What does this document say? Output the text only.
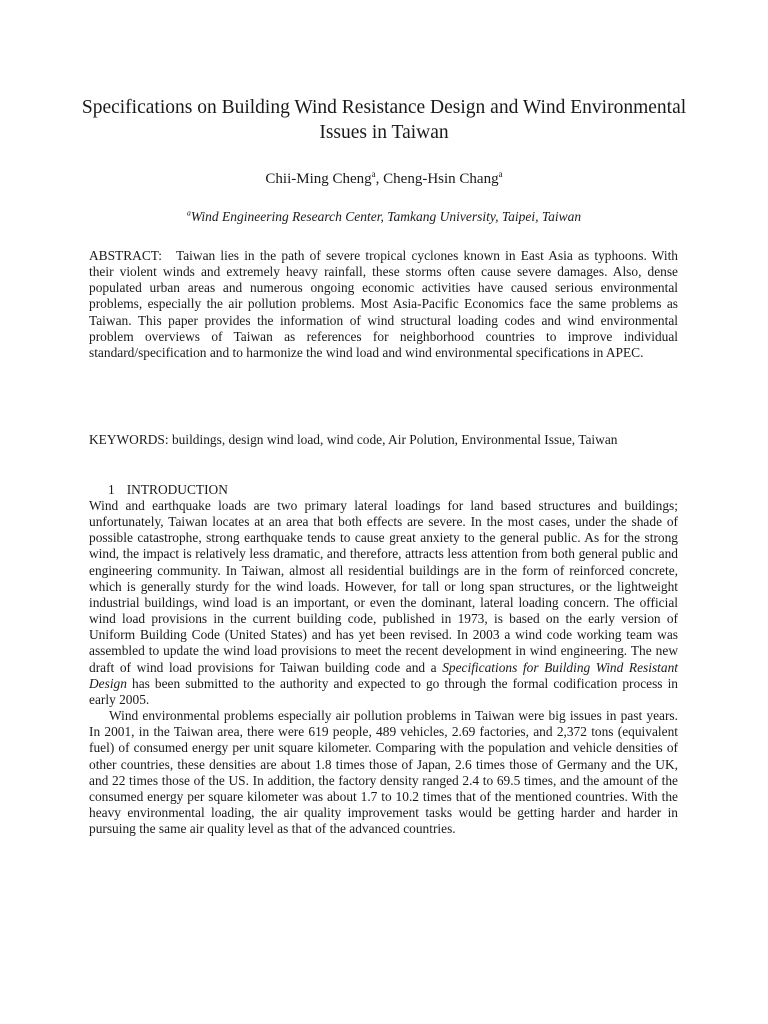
Specifications on Building Wind Resistance Design and Wind Environmental Issues in Taiwan
Chii-Ming Cheng$^a$, Cheng-Hsin Chang$^a$
$^a$Wind Engineering Research Center, Tamkang University, Taipei, Taiwan
ABSTRACT: Taiwan lies in the path of severe tropical cyclones known in East Asia as typhoons. With their violent winds and extremely heavy rainfall, these storms often cause severe damages. Also, dense populated urban areas and numerous ongoing economic activities have caused serious environmental problems, especially the air pollution problems. Most Asia-Pacific Economics face the same problems as Taiwan. This paper provides the information of wind structural loading codes and wind environmental problem overviews of Taiwan as references for neighborhood countries to improve individual standard/specification and to harmonize the wind load and wind environmental specifications in APEC.
KEYWORDS: buildings, design wind load, wind code, Air Polution, Environmental Issue, Taiwan
1 INTRODUCTION

Wind and earthquake loads are two primary lateral loadings for land based structures and buildings; unfortunately, Taiwan locates at an area that both effects are severe. In the most cases, under the shade of possible catastrophe, strong earthquake tends to cause great anxiety to the general public. As for the strong wind, the impact is relatively less dramatic, and therefore, attracts less attention from both general public and engineering community. In Taiwan, almost all residential buildings are in the form of reinforced concrete, which is generally sturdy for the wind loads. However, for tall or long span structures, or the lightweight industrial buildings, wind load is an important, or even the dominant, lateral loading concern. The official wind load provisions in the current building code, published in 1973, is based on the early version of Uniform Building Code (United States) and has yet been revised. In 2003 a wind code working team was assembled to update the wind load provisions to meet the recent development in wind engineering. The new draft of wind load provisions for Taiwan building code and a Specifications for Building Wind Resistant Design has been submitted to the authority and expected to go through the formal codification process in early 2005.

Wind environmental problems especially air pollution problems in Taiwan were big issues in past years. In 2001, in the Taiwan area, there were 619 people, 489 vehicles, 2.69 factories, and 2,372 tons (equivalent fuel) of consumed energy per unit square kilometer. Comparing with the population and vehicle densities of other countries, these densities are about 1.8 times those of Japan, 2.6 times those of Germany and the UK, and 22 times those of the US. In addition, the factory density ranged 2.4 to 69.5 times, and the amount of the consumed energy per square kilometer was about 1.7 to 10.2 times that of the mentioned countries. With the heavy environmental loading, the air quality improvement tasks would be getting harder and harder in pursuing the same air quality level as that of the advanced countries.
